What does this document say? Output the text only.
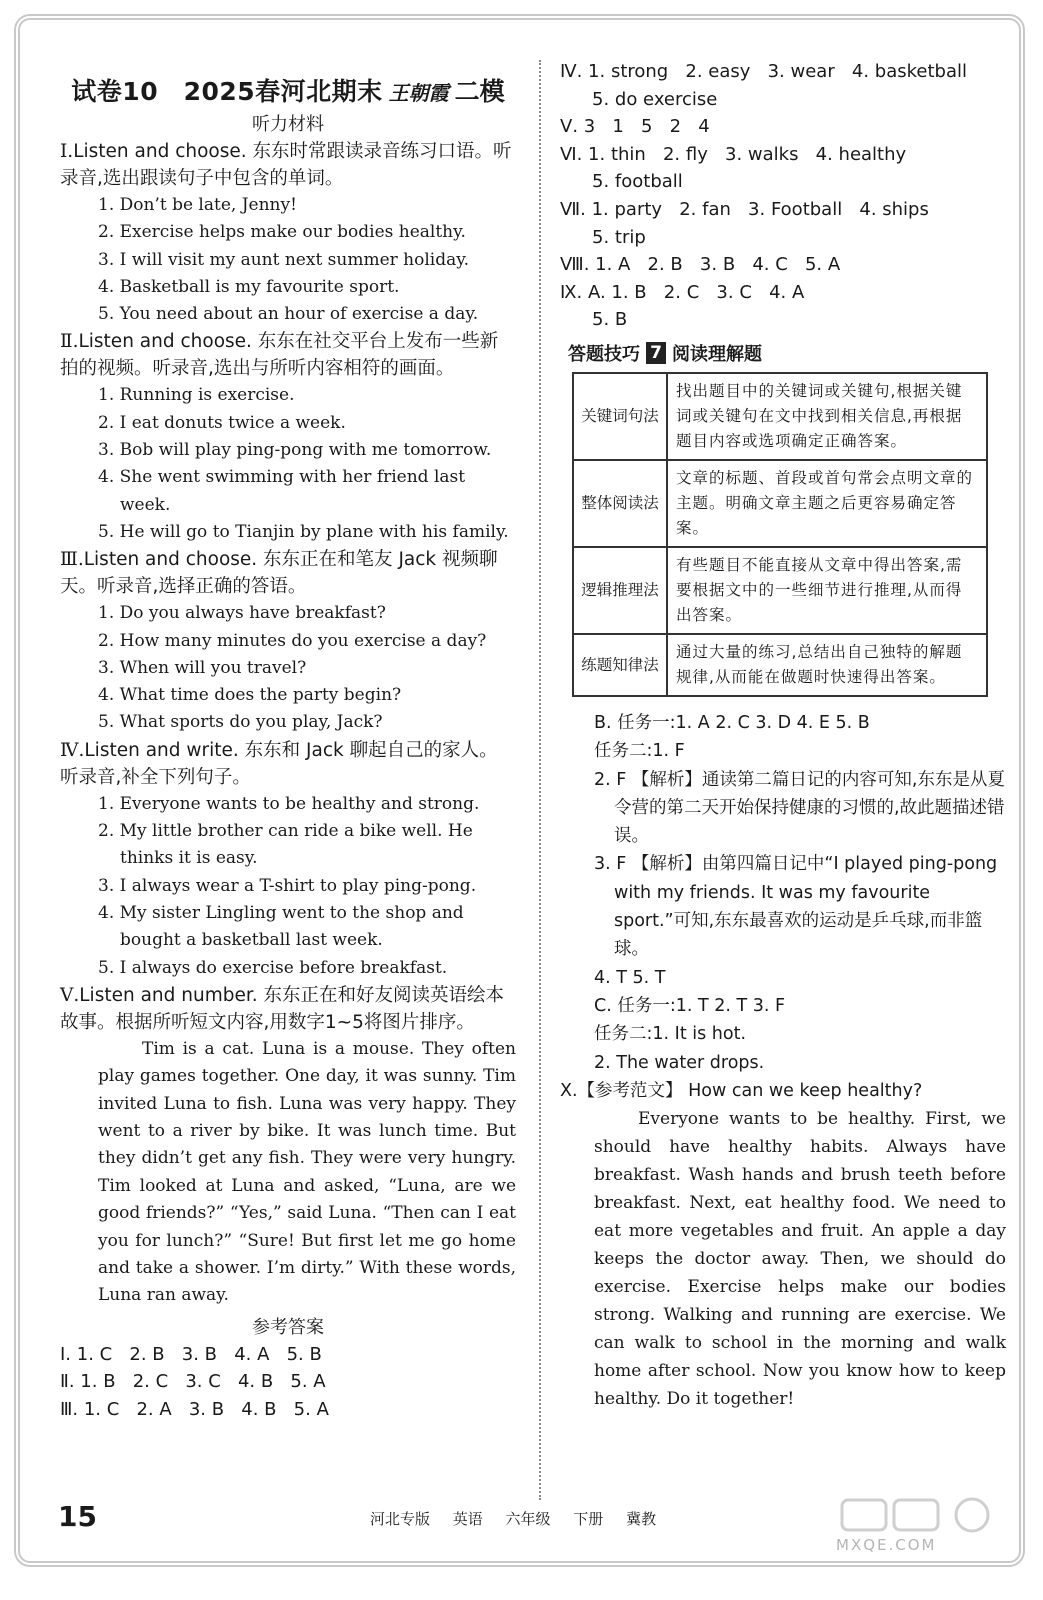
试卷10　2025春河北期末 王朝霞 二模
听力材料

Ⅰ.Listen and choose. 东东时常跟读录音练习口语。听录音,选出跟读句子中包含的单词。

1. Don’t be late, Jenny!
2. Exercise helps make our bodies healthy.
3. I will visit my aunt next summer holiday.
4. Basketball is my favourite sport.
5. You need about an hour of exercise a day.

Ⅱ.Listen and choose. 东东在社交平台上发布一些新拍的视频。听录音,选出与所听内容相符的画面。

1. Running is exercise.
2. I eat donuts twice a week.
3. Bob will play ping-pong with me tomorrow.
4. She went swimming with her friend last week.
5. He will go to Tianjin by plane with his family.

Ⅲ.Listen and choose. 东东正在和笔友 Jack 视频聊天。听录音,选择正确的答语。

1. Do you always have breakfast?
2. How many minutes do you exercise a day?
3. When will you travel?
4. What time does the party begin?
5. What sports do you play, Jack?

Ⅳ.Listen and write. 东东和 Jack 聊起自己的家人。听录音,补全下列句子。

1. Everyone wants to be healthy and strong.
2. My little brother can ride a bike well. He thinks it is easy.
3. I always wear a T-shirt to play ping-pong.
4. My sister Lingling went to the shop and bought a basketball last week.
5. I always do exercise before breakfast.

Ⅴ.Listen and number. 东东正在和好友阅读英语绘本故事。根据所听短文内容,用数字1~5将图片排序。

Tim is a cat. Luna is a mouse. They often play games together. One day, it was sunny. Tim invited Luna to fish. Luna was very happy. They went to a river by bike. It was lunch time. But they didn’t get any fish. They were very hungry. Tim looked at Luna and asked, “Luna, are we good friends?” “Yes,” said Luna. “Then can I eat you for lunch?” “Sure! But first let me go home and take a shower. I’m dirty.” With these words, Luna ran away.

参考答案
Ⅰ. 1. C   2. B   3. B   4. A   5. B
Ⅱ. 1. B   2. C   3. C   4. B   5. A
Ⅲ. 1. C   2. A   3. B   4. B   5. A
Ⅳ. 1. strong   2. easy   3. wear   4. basketball
5. do exercise
Ⅴ. 3   1   5   2   4
Ⅵ. 1. thin   2. fly   3. walks   4. healthy
5. football
Ⅶ. 1. party   2. fan   3. Football   4. ships
5. trip
Ⅷ. 1. A   2. B   3. B   4. C   5. A
Ⅸ. A. 1. B   2. C   3. C   4. A
5. B
答题技巧 7 阅读理解题
关键词句法	找出题目中的关键词或关键句,根据关键词或关键句在文中找到相关信息,再根据题目内容或选项确定正确答案。
整体阅读法	文章的标题、首段或首句常会点明文章的主题。明确文章主题之后更容易确定答案。
逻辑推理法	有些题目不能直接从文章中得出答案,需要根据文中的一些细节进行推理,从而得出答案。
练题知律法	通过大量的练习,总结出自己独特的解题规律,从而能在做题时快速得出答案。
B. 任务一:1. A 2. C 3. D 4. E 5. B
任务二:1. F
2. F 【解析】通读第二篇日记的内容可知,东东是从夏令营的第二天开始保持健康的习惯的,故此题描述错误。
3. F 【解析】由第四篇日记中“I played ping-pong with my friends. It was my favourite sport.”可知,东东最喜欢的运动是乒乓球,而非篮球。
4. T 5. T
C. 任务一:1. T 2. T 3. F
任务二:1. It is hot.
2. The water drops.
Ⅹ.【参考范文】 How can we keep healthy?

Everyone wants to be healthy. First, we should have healthy habits. Always have breakfast. Wash hands and brush teeth before breakfast. Next, eat healthy food. We need to eat more vegetables and fruit. An apple a day keeps the doctor away. Then, we should do exercise. Exercise helps make our bodies strong. Walking and running are exercise. We can walk to school in the morning and walk home after school. Now you know how to keep healthy. Do it together!

15	河北专版 英语 六年级 下册 冀教
MXQE.COM
